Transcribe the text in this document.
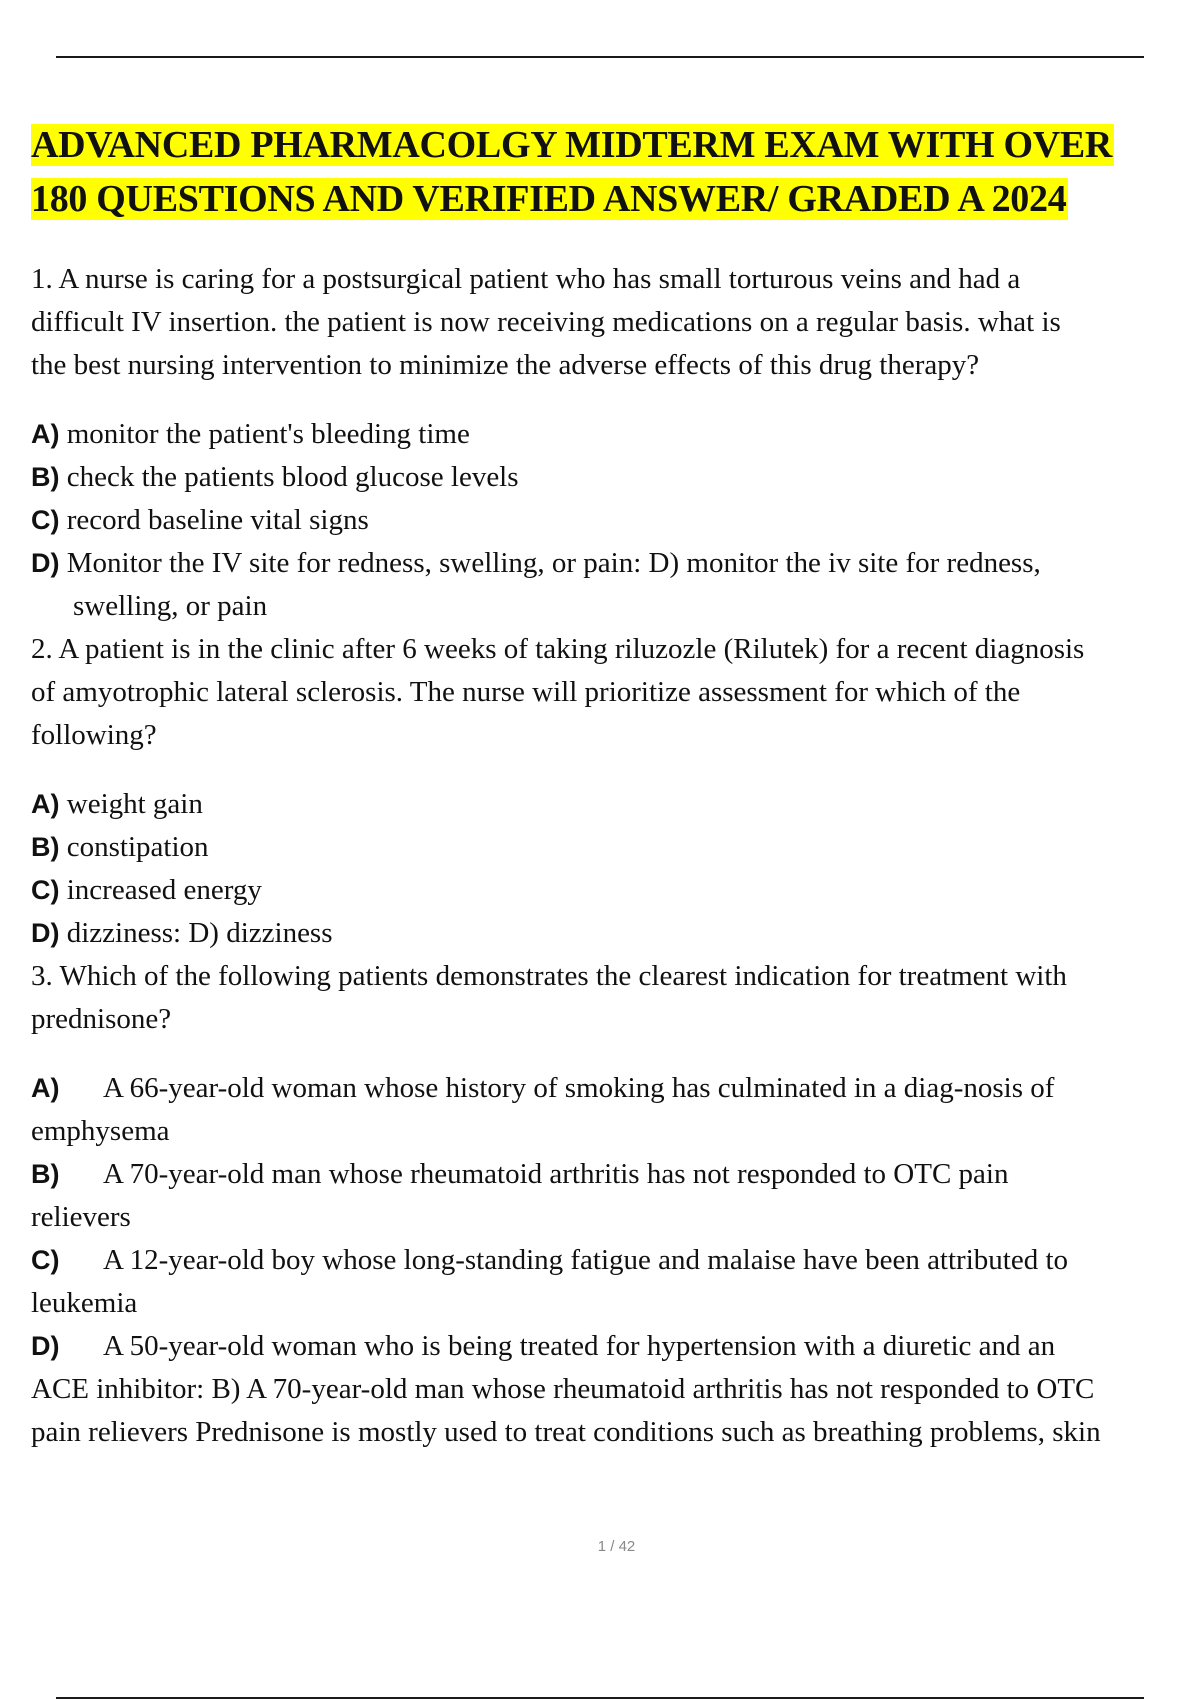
ADVANCED PHARMACOLGY MIDTERM EXAM WITH OVER
180 QUESTIONS AND VERIFIED ANSWER/ GRADED A 2024

1. A nurse is caring for a postsurgical patient who has small torturous veins and had a

difficult IV insertion. the patient is now receiving medications on a regular basis. what is

the best nursing intervention to minimize the adverse effects of this drug therapy?

A) monitor the patient's bleeding time

B) check the patients blood glucose levels

C) record baseline vital signs

D) Monitor the IV site for redness, swelling, or pain: D) monitor the iv site for redness,

swelling, or pain

2. A patient is in the clinic after 6 weeks of taking riluzozle (Rilutek) for a recent diagnosis

of amyotrophic lateral sclerosis. The nurse will prioritize assessment for which of the

following?

A) weight gain

B) constipation

C) increased energy

D) dizziness: D) dizziness

3. Which of the following patients demonstrates the clearest indication for treatment with

prednisone?

A) A 66-year-old woman whose history of smoking has culminated in a diag-nosis of

emphysema

B) A 70-year-old man whose rheumatoid arthritis has not responded to OTC pain

relievers

C) A 12-year-old boy whose long-standing fatigue and malaise have been attributed to

leukemia

D) A 50-year-old woman who is being treated for hypertension with a diuretic and an

ACE inhibitor: B) A 70-year-old man whose rheumatoid arthritis has not responded to OTC

pain relievers Prednisone is mostly used to treat conditions such as breathing problems, skin

1 / 42
